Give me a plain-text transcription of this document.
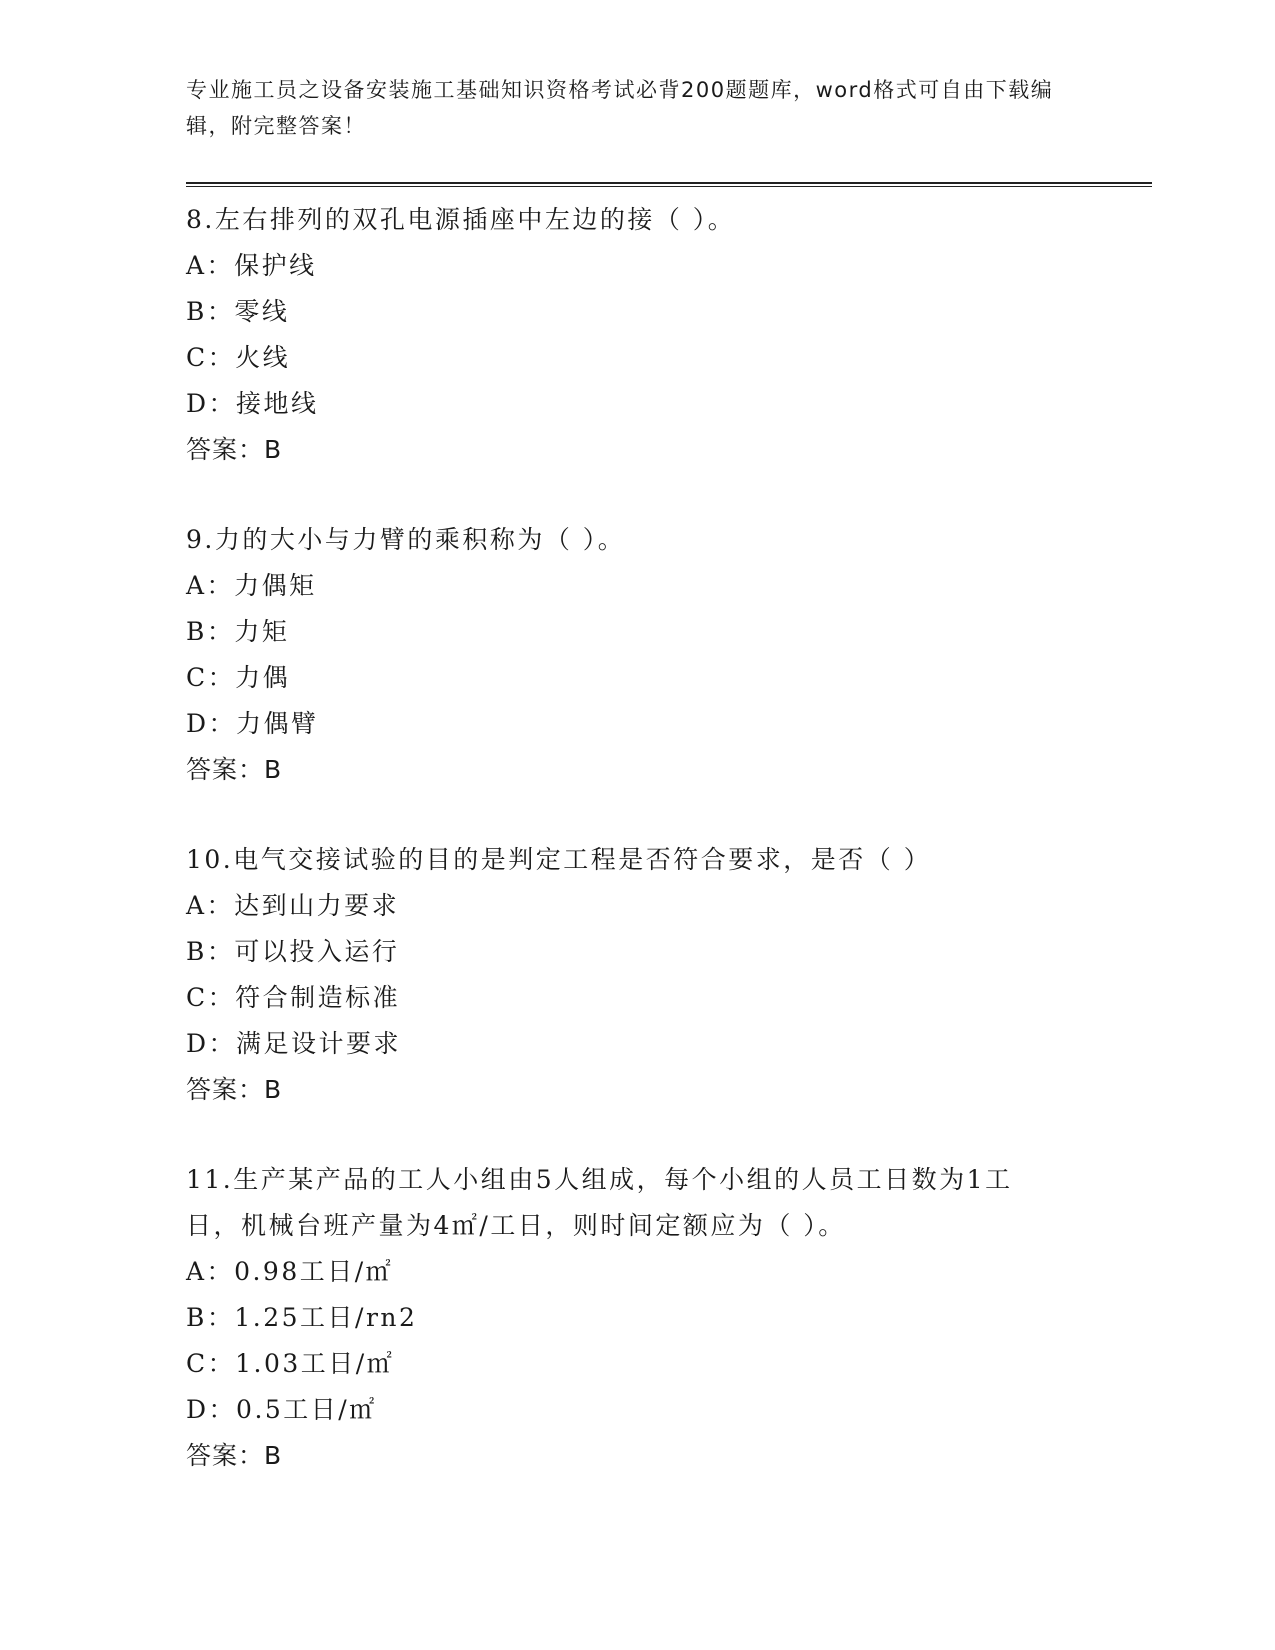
专业施工员之设备安装施工基础知识资格考试必背200题题库，word格式可自由下载编辑，附完整答案！

8.左右排列的双孔电源插座中左边的接（ ）。

A：保护线

B：零线

C：火线

D：接地线

答案：B

9.力的大小与力臂的乘积称为（ ）。

A：力偶矩

B：力矩

C：力偶

D：力偶臂

答案：B

10.电气交接试验的目的是判定工程是否符合要求，是否（ ）

A：达到山力要求

B：可以投入运行

C：符合制造标准

D：满足设计要求

答案：B

11.生产某产品的工人小组由5人组成，每个小组的人员工日数为1工日，机械台班产量为4㎡/工日，则时间定额应为（ ）。

A：0.98工日/㎡

B：1.25工日/rn2

C：1.03工日/㎡

D：0.5工日/㎡

答案：B
